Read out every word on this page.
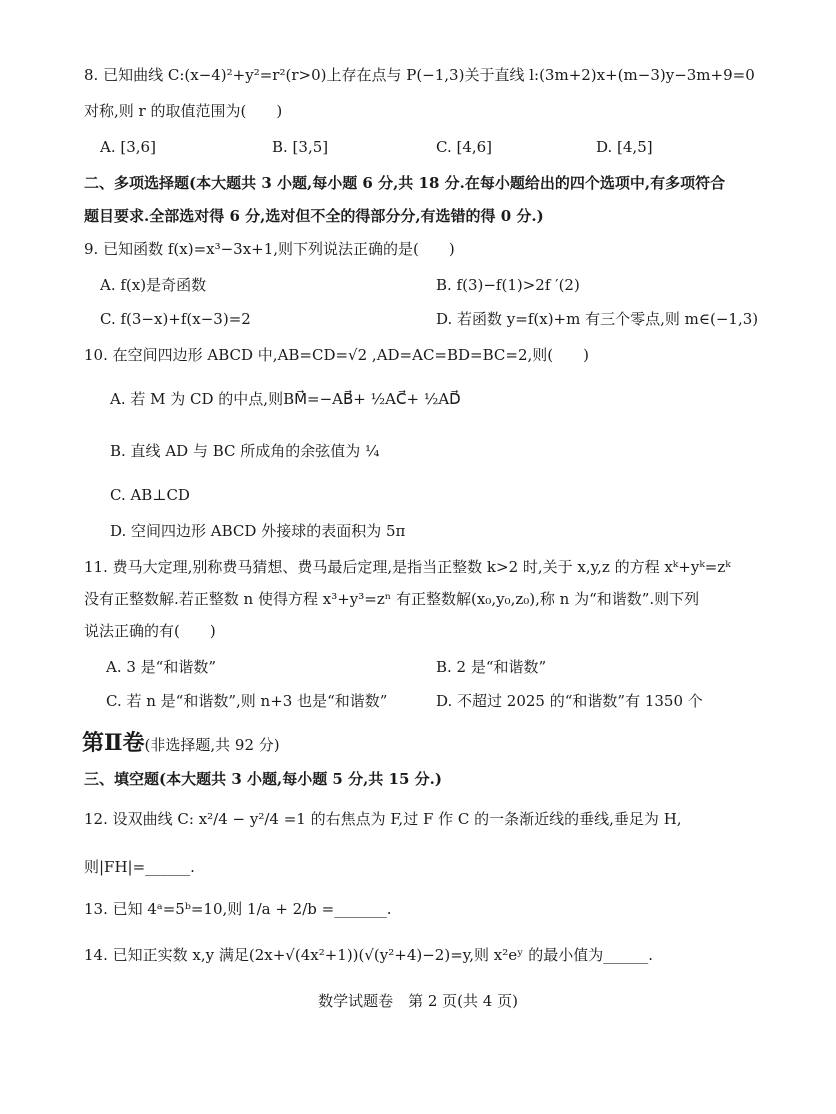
8. 已知曲线 C:(x−4)²+y²=r²(r>0)上存在点与 P(−1,3)关于直线 l:(3m+2)x+(m−3)y−3m+9=0
对称,则 r 的取值范围为(　　)
A. [3,6]	B. [3,5]	C. [4,6]	D. [4,5]
二、多项选择题(本大题共 3 小题,每小题 6 分,共 18 分.在每小题给出的四个选项中,有多项符合
题目要求.全部选对得 6 分,选对但不全的得部分分,有选错的得 0 分.)
9. 已知函数 f(x)=x³−3x+1,则下列说法正确的是(　　)
A. f(x)是奇函数	B. f(3)−f(1)>2f ′(2)
C. f(3−x)+f(x−3)=2	D. 若函数 y=f(x)+m 有三个零点,则 m∈(−1,3)
10. 在空间四边形 ABCD 中,AB=CD=√2 ,AD=AC=BD=BC=2,则(　　)
A. 若 M 为 CD 的中点,则BM⃗=−AB⃗+ ½AC⃗+ ½AD⃗
B. 直线 AD 与 BC 所成角的余弦值为 ¼
C. AB⊥CD
D. 空间四边形 ABCD 外接球的表面积为 5π
11. 费马大定理,别称费马猜想、费马最后定理,是指当正整数 k>2 时,关于 x,y,z 的方程 xᵏ+yᵏ=zᵏ
没有正整数解.若正整数 n 使得方程 x³+y³=zⁿ 有正整数解(x₀,y₀,z₀),称 n 为“和谐数”.则下列
说法正确的有(　　)
A. 3 是“和谐数”	B. 2 是“和谐数”
C. 若 n 是“和谐数”,则 n+3 也是“和谐数”	D. 不超过 2025 的“和谐数”有 1350 个
第Ⅱ卷(非选择题,共 92 分)
三、填空题(本大题共 3 小题,每小题 5 分,共 15 分.)
12. 设双曲线 C: x²/4 − y²/4 =1 的右焦点为 F,过 F 作 C 的一条渐近线的垂线,垂足为 H,
则|FH|=______.
13. 已知 4ᵃ=5ᵇ=10,则 1/a + 2/b =_______.
14. 已知正实数 x,y 满足(2x+√(4x²+1))(√(y²+4)−2)=y,则 x²eʸ 的最小值为______.
数学试题卷　第 2 页(共 4 页)
